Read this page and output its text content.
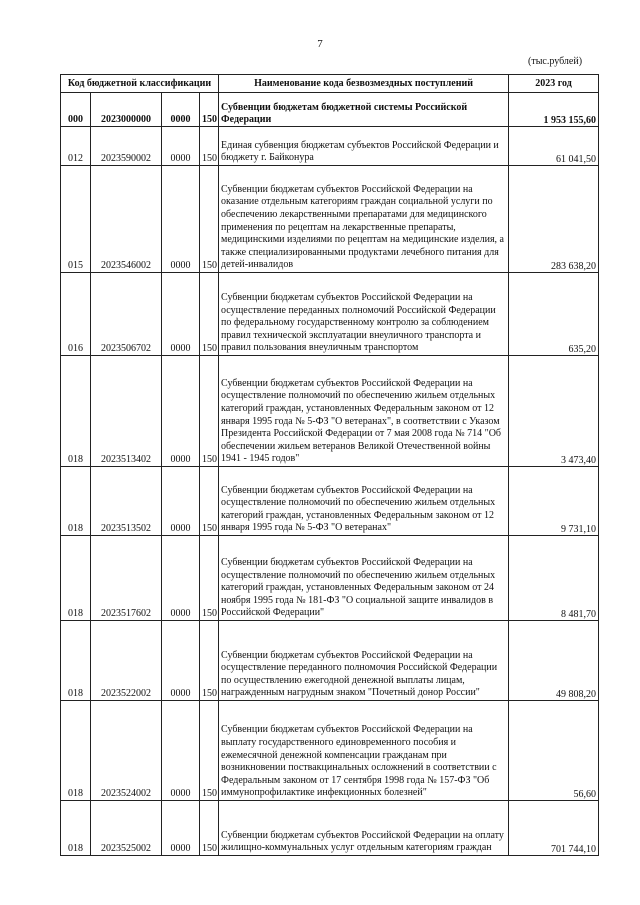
7
(тыс.рублей)
Код бюджетной классификации				Наименование кода безвозмездных поступлений	2023 год
000	2023000000	0000	150	Субвенции бюджетам бюджетной системы Российской Федерации	1 953 155,60
012	2023590002	0000	150	Единая субвенция бюджетам субъектов Российской Федерации и бюджету г. Байконура	61 041,50
015	2023546002	0000	150	Субвенции бюджетам субъектов Российской Федерации на оказание отдельным категориям граждан социальной услуги по обеспечению лекарственными препаратами для медицинского применения по рецептам на лекарственные препараты, медицинскими изделиями по рецептам на медицинские изделия, а также специализированными продуктами лечебного питания для детей-инвалидов	283 638,20
016	2023506702	0000	150	Субвенции бюджетам субъектов Российской Федерации на осуществление переданных полномочий Российской Федерации по федеральному государственному контролю за соблюдением правил технической эксплуатации внеуличного транспорта и правил пользования внеуличным транспортом	635,20
018	2023513402	0000	150	Субвенции бюджетам субъектов Российской Федерации на осуществление полномочий по обеспечению жильем отдельных категорий граждан, установленных Федеральным законом от 12 января 1995 года № 5-ФЗ "О ветеранах", в соответствии с Указом Президента Российской Федерации от 7 мая 2008 года № 714 "Об обеспечении жильем ветеранов Великой Отечественной войны 1941 - 1945 годов"	3 473,40
018	2023513502	0000	150	Субвенции бюджетам субъектов Российской Федерации на осуществление полномочий по обеспечению жильем отдельных категорий граждан, установленных Федеральным законом от 12 января 1995 года № 5-ФЗ "О ветеранах"	9 731,10
018	2023517602	0000	150	Субвенции бюджетам субъектов Российской Федерации на осуществление полномочий по обеспечению жильем отдельных категорий граждан, установленных Федеральным законом от 24 ноября 1995 года № 181-ФЗ "О социальной защите инвалидов в Российской Федерации"	8 481,70
018	2023522002	0000	150	Субвенции бюджетам субъектов Российской Федерации на осуществление переданного полномочия Российской Федерации по осуществлению ежегодной денежной выплаты лицам, награжденным нагрудным знаком "Почетный донор России"	49 808,20
018	2023524002	0000	150	Субвенции бюджетам субъектов Российской Федерации на выплату государственного единовременного пособия и ежемесячной денежной компенсации гражданам при возникновении поствакцинальных осложнений в соответствии с Федеральным законом от 17 сентября 1998 года № 157-ФЗ "Об иммунопрофилактике инфекционных болезней"	56,60
018	2023525002	0000	150	Субвенции бюджетам субъектов Российской Федерации на оплату жилищно-коммунальных услуг отдельным категориям граждан	701 744,10
